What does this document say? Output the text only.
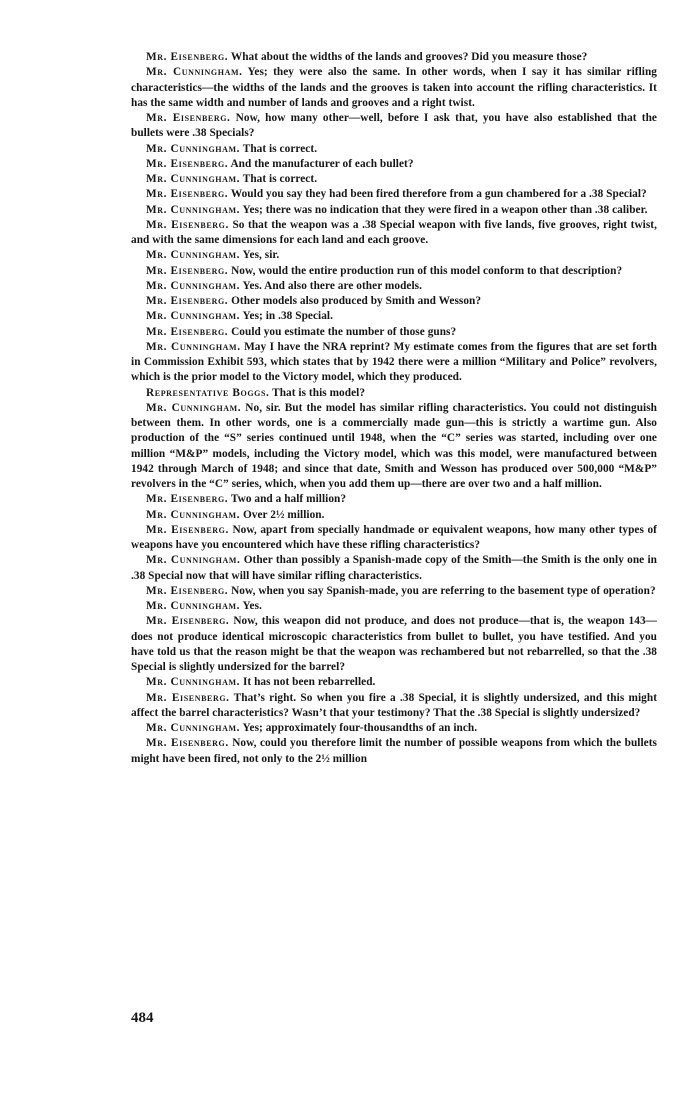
Mr. Eisenberg. What about the widths of the lands and grooves? Did you measure those?

Mr. Cunningham. Yes; they were also the same. In other words, when I say it has similar rifling characteristics—the widths of the lands and the grooves is taken into account the rifling characteristics. It has the same width and number of lands and grooves and a right twist.

Mr. Eisenberg. Now, how many other—well, before I ask that, you have also established that the bullets were .38 Specials?

Mr. Cunningham. That is correct.

Mr. Eisenberg. And the manufacturer of each bullet?

Mr. Cunningham. That is correct.

Mr. Eisenberg. Would you say they had been fired therefore from a gun chambered for a .38 Special?

Mr. Cunningham. Yes; there was no indication that they were fired in a weapon other than .38 caliber.

Mr. Eisenberg. So that the weapon was a .38 Special weapon with five lands, five grooves, right twist, and with the same dimensions for each land and each groove.

Mr. Cunningham. Yes, sir.

Mr. Eisenberg. Now, would the entire production run of this model conform to that description?

Mr. Cunningham. Yes. And also there are other models.

Mr. Eisenberg. Other models also produced by Smith and Wesson?

Mr. Cunningham. Yes; in .38 Special.

Mr. Eisenberg. Could you estimate the number of those guns?

Mr. Cunningham. May I have the NRA reprint? My estimate comes from the figures that are set forth in Commission Exhibit 593, which states that by 1942 there were a million “Military and Police” revolvers, which is the prior model to the Victory model, which they produced.

Representative Boggs. That is this model?

Mr. Cunningham. No, sir. But the model has similar rifling characteristics. You could not distinguish between them. In other words, one is a commercially made gun—this is strictly a wartime gun. Also production of the “S” series continued until 1948, when the “C” series was started, including over one million “M&P” models, including the Victory model, which was this model, were manufactured between 1942 through March of 1948; and since that date, Smith and Wesson has produced over 500,000 “M&P” revolvers in the “C” series, which, when you add them up—there are over two and a half million.

Mr. Eisenberg. Two and a half million?

Mr. Cunningham. Over 2½ million.

Mr. Eisenberg. Now, apart from specially handmade or equivalent weapons, how many other types of weapons have you encountered which have these rifling characteristics?

Mr. Cunningham. Other than possibly a Spanish-made copy of the Smith—the Smith is the only one in .38 Special now that will have similar rifling characteristics.

Mr. Eisenberg. Now, when you say Spanish-made, you are referring to the basement type of operation?

Mr. Cunningham. Yes.

Mr. Eisenberg. Now, this weapon did not produce, and does not produce—that is, the weapon 143—does not produce identical microscopic characteristics from bullet to bullet, you have testified. And you have told us that the reason might be that the weapon was rechambered but not rebarrelled, so that the .38 Special is slightly undersized for the barrel?

Mr. Cunningham. It has not been rebarrelled.

Mr. Eisenberg. That’s right. So when you fire a .38 Special, it is slightly undersized, and this might affect the barrel characteristics? Wasn’t that your testimony? That the .38 Special is slightly undersized?

Mr. Cunningham. Yes; approximately four-thousandths of an inch.

Mr. Eisenberg. Now, could you therefore limit the number of possible weapons from which the bullets might have been fired, not only to the 2½ million

484
